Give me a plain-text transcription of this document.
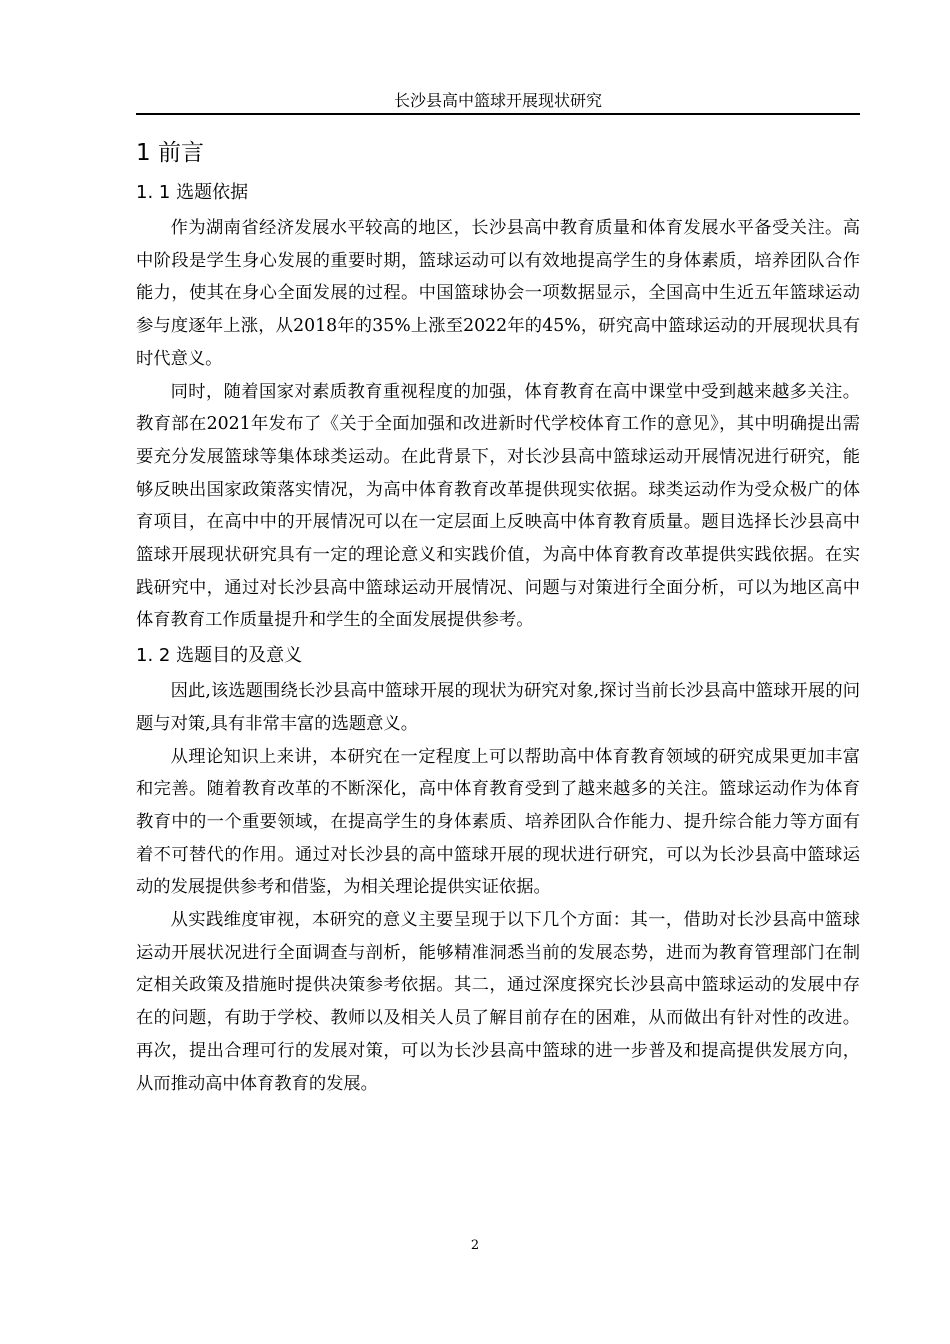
长沙县高中篮球开展现状研究
1 前言
1. 1 选题依据

作为湖南省经济发展水平较高的地区，长沙县高中教育质量和体育发展水平备受关注。高中阶段是学生身心发展的重要时期，篮球运动可以有效地提高学生的身体素质，培养团队合作能力，使其在身心全面发展的过程。中国篮球协会一项数据显示，全国高中生近五年篮球运动参与度逐年上涨，从2018年的35%上涨至2022年的45%，研究高中篮球运动的开展现状具有时代意义。

同时，随着国家对素质教育重视程度的加强，体育教育在高中课堂中受到越来越多关注。教育部在2021年发布了《关于全面加强和改进新时代学校体育工作的意见》，其中明确提出需要充分发展篮球等集体球类运动。在此背景下，对长沙县高中篮球运动开展情况进行研究，能够反映出国家政策落实情况，为高中体育教育改革提供现实依据。球类运动作为受众极广的体育项目，在高中中的开展情况可以在一定层面上反映高中体育教育质量。题目选择长沙县高中篮球开展现状研究具有一定的理论意义和实践价值，为高中体育教育改革提供实践依据。在实践研究中，通过对长沙县高中篮球运动开展情况、问题与对策进行全面分析，可以为地区高中体育教育工作质量提升和学生的全面发展提供参考。

1. 2 选题目的及意义

因此,该选题围绕长沙县高中篮球开展的现状为研究对象,探讨当前长沙县高中篮球开展的问题与对策,具有非常丰富的选题意义。

从理论知识上来讲，本研究在一定程度上可以帮助高中体育教育领域的研究成果更加丰富和完善。随着教育改革的不断深化，高中体育教育受到了越来越多的关注。篮球运动作为体育教育中的一个重要领域，在提高学生的身体素质、培养团队合作能力、提升综合能力等方面有着不可替代的作用。通过对长沙县的高中篮球开展的现状进行研究，可以为长沙县高中篮球运动的发展提供参考和借鉴，为相关理论提供实证依据。

从实践维度审视，本研究的意义主要呈现于以下几个方面：其一，借助对长沙县高中篮球运动开展状况进行全面调查与剖析，能够精准洞悉当前的发展态势，进而为教育管理部门在制定相关政策及措施时提供决策参考依据。其二，通过深度探究长沙县高中篮球运动的发展中存在的问题，有助于学校、教师以及相关人员了解目前存在的困难，从而做出有针对性的改进。再次，提出合理可行的发展对策，可以为长沙县高中篮球的进一步普及和提高提供发展方向，从而推动高中体育教育的发展。

2
